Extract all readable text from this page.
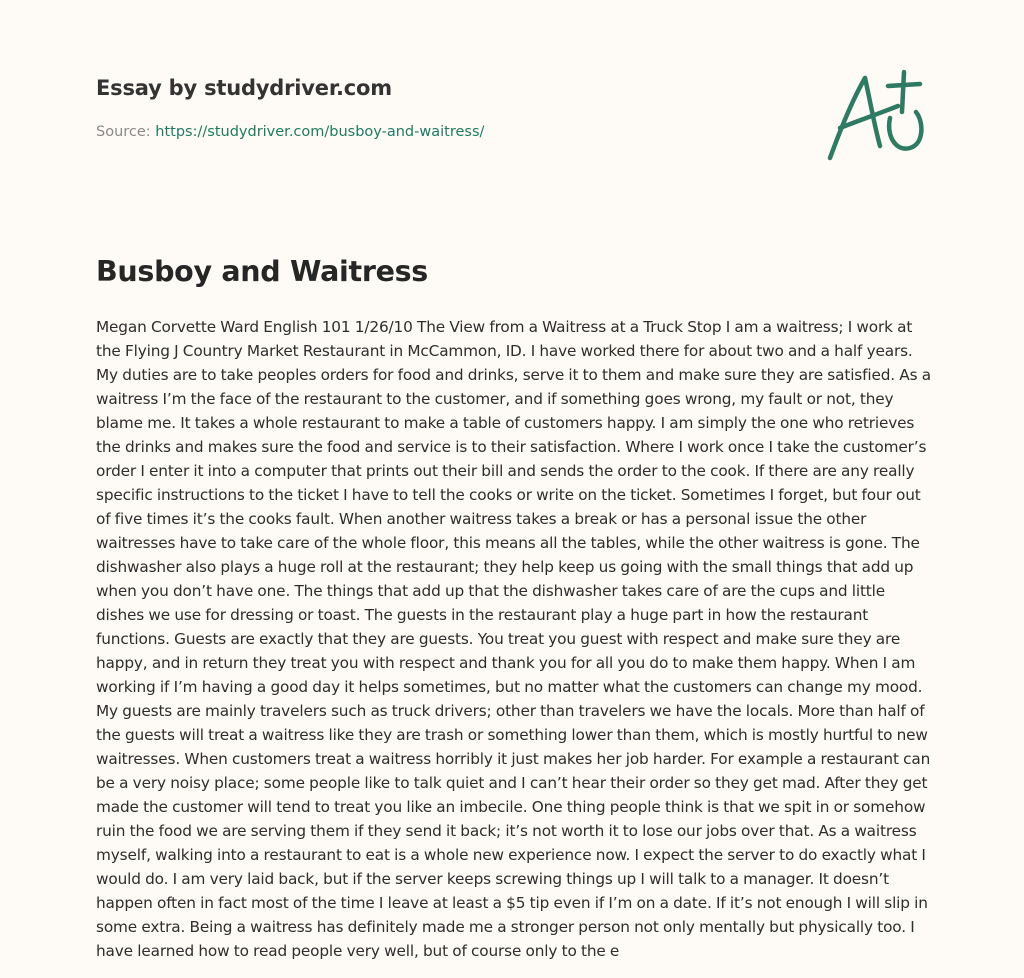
Essay by studydriver.com
Source: https://studydriver.com/busboy-and-waitress/
Busboy and Waitress

Megan Corvette Ward English 101 1/26/10 The View from a Waitress at a Truck Stop I am a waitress; I work at the Flying J Country Market Restaurant in McCammon, ID. I have worked there for about two and a half years. My duties are to take peoples orders for food and drinks, serve it to them and make sure they are satisfied. As a waitress I’m the face of the restaurant to the customer, and if something goes wrong, my fault or not, they blame me. It takes a whole restaurant to make a table of customers happy. I am simply the one who retrieves the drinks and makes sure the food and service is to their satisfaction. Where I work once I take the customer’s order I enter it into a computer that prints out their bill and sends the order to the cook. If there are any really specific instructions to the ticket I have to tell the cooks or write on the ticket. Sometimes I forget, but four out of five times it’s the cooks fault. When another waitress takes a break or has a personal issue the other waitresses have to take care of the whole floor, this means all the tables, while the other waitress is gone. The dishwasher also plays a huge roll at the restaurant; they help keep us going with the small things that add up when you don’t have one. The things that add up that the dishwasher takes care of are the cups and little dishes we use for dressing or toast. The guests in the restaurant play a huge part in how the restaurant functions. Guests are exactly that they are guests. You treat you guest with respect and make sure they are happy, and in return they treat you with respect and thank you for all you do to make them happy. When I am working if I’m having a good day it helps sometimes, but no matter what the customers can change my mood. My guests are mainly travelers such as truck drivers; other than travelers we have the locals. More than half of the guests will treat a waitress like they are trash or something lower than them, which is mostly hurtful to new waitresses. When customers treat a waitress horribly it just makes her job harder. For example a restaurant can be a very noisy place; some people like to talk quiet and I can’t hear their order so they get mad. After they get made the customer will tend to treat you like an imbecile. One thing people think is that we spit in or somehow ruin the food we are serving them if they send it back; it’s not worth it to lose our jobs over that. As a waitress myself, walking into a restaurant to eat is a whole new experience now. I expect the server to do exactly what I would do. I am very laid back, but if the server keeps screwing things up I will talk to a manager. It doesn’t happen often in fact most of the time I leave at least a $5 tip even if I’m on a date. If it’s not enough I will slip in some extra. Being a waitress has definitely made me a stronger person not only mentally but physically too. I have learned how to read people very well, but of course only to the e
